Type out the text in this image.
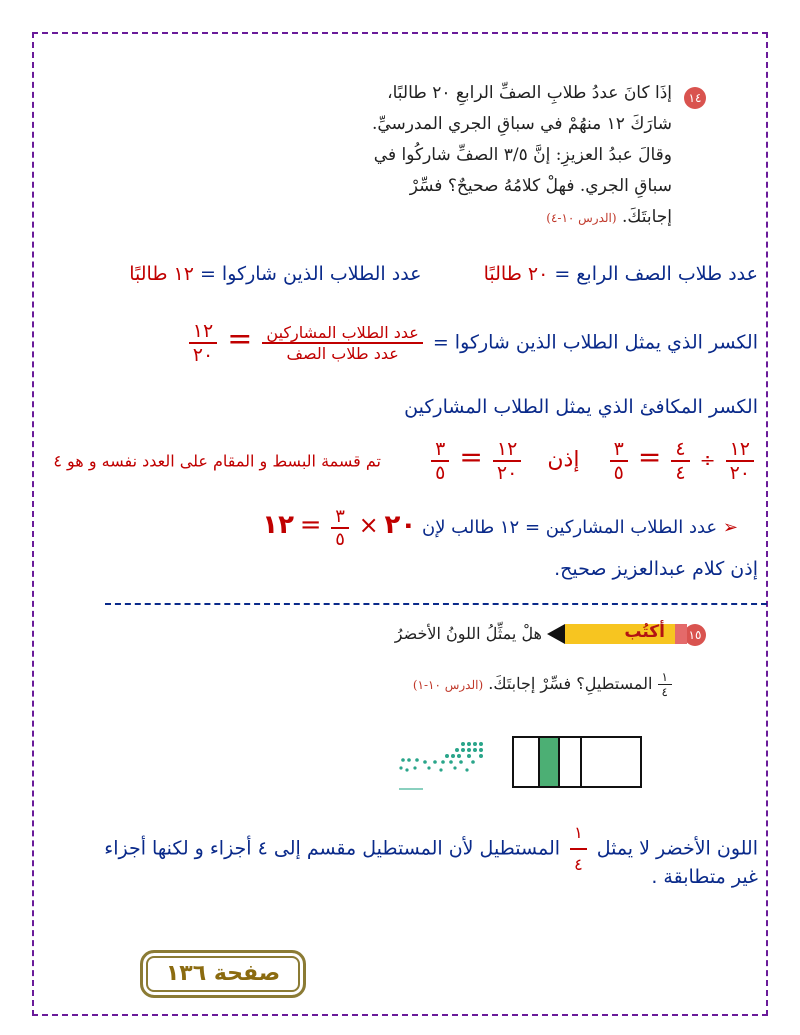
١٤
إذَا كانَ عددُ طلابِ الصفِّ الرابعِ ٢٠ طالبًا،
شارَكَ ١٢ منهُمْ في سباقِ الجري المدرسيِّ.
وقالَ عبدُ العزيزِ: إنَّ ٣/٥ الصفِّ شاركُوا في
سباقِ الجري. فهلْ كلامُهُ صحيحٌ؟ فسِّرْ
إجابتَكَ. (الدرس ١٠-٤)
عدد طلاب الصف الرابع = ٢٠ طالبًا  عدد الطلاب الذين شاركوا = ١٢ طالبًا
الكسر الذي يمثل الطلاب الذين شاركوا =
$\frac{\text{عدد الطلاب المشاركين}}{\text{عدد طلاب الصف}}$
=
$\frac{١٢}{٢٠}$
الكسر المكافئ الذي يمثل الطلاب المشاركين
$\frac{١٢}{٢٠}$
÷
$\frac{٤}{٤}$
=
$\frac{٣}{٥}$
إذن
$\frac{١٢}{٢٠}$
=
$\frac{٣}{٥}$
تم قسمة البسط و المقام على العدد نفسه و هو ٤
➢ عدد الطلاب المشاركين = ١٢ طالب لإن ٢٠ ×
$\frac{٣}{٥}$
= ١٢
إذن كلام عبدالعزيز صحيح.
١٥
أكتُب
هلْ يمثِّلُ اللونُ الأخضرُ
$\frac{١}{٤}$
المستطيلِ؟ فسِّرْ إجابتَكَ. (الدرس ١٠-١)
اللون الأخضر لا يمثل
$\frac{١}{٤}$
المستطيل لأن المستطيل مقسم إلى ٤ أجزاء و لكنها أجزاء
غير متطابقة .
صفحة ١٣٦
